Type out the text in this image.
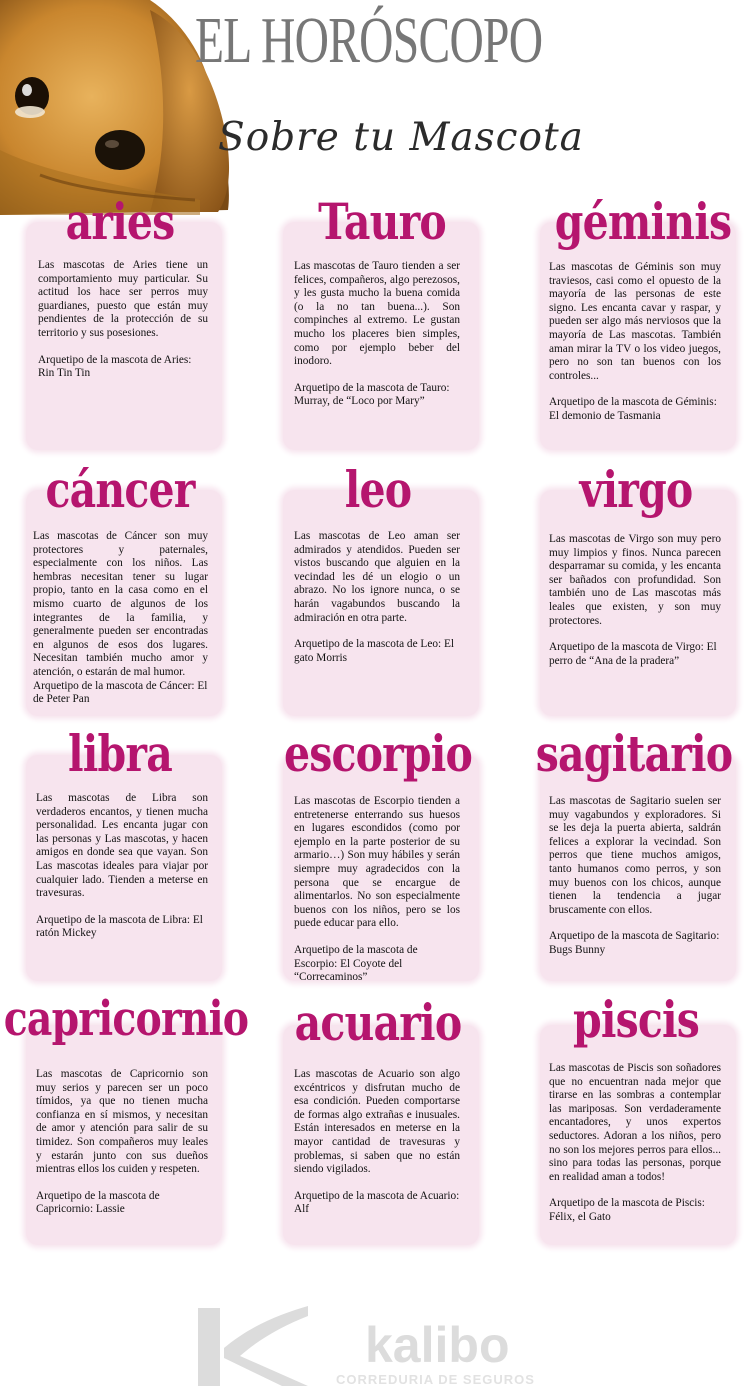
EL HORÓSCOPO
Sobre tu Mascota
aries

Las mascotas de Aries tiene un comportamiento muy particular. Su actitud los hace ser perros muy guardianes, puesto que están muy pendientes de la protección de su territorio y sus posesiones.

Arquetipo de la mascota de Aries: Rin Tin Tin

Tauro

Las mascotas de Tauro tienden a ser felices, compañeros, algo perezosos, y les gusta mucho la buena comida (o la no tan buena...). Son compinches al extremo. Le gustan mucho los placeres bien simples, como por ejemplo beber del inodoro.

Arquetipo de la mascota de Tauro: Murray, de “Loco por Mary”

géminis

Las mascotas de Géminis son muy traviesos, casi como el opuesto de la mayoría de las personas de este signo. Les encanta cavar y raspar, y pueden ser algo más nerviosos que la mayoría de Las mascotas. También aman mirar la TV o los video juegos, pero no son tan buenos con los controles...

Arquetipo de la mascota de Géminis: El demonio de Tasmania

cáncer

Las mascotas de Cáncer son muy protectores y paternales, especialmente con los niños. Las hembras necesitan tener su lugar propio, tanto en la casa como en el mismo cuarto de algunos de los integrantes de la familia, y generalmente pueden ser encontradas en algunos de esos dos lugares. Necesitan también mucho amor y atención, o estarán de mal humor.

Arquetipo de la mascota de Cáncer: El de Peter Pan

leo

Las mascotas de Leo aman ser admirados y atendidos. Pueden ser vistos buscando que alguien en la vecindad les dé un elogio o un abrazo. No los ignore nunca, o se harán vagabundos buscando la admiración en otra parte.

Arquetipo de la mascota de Leo: El gato Morris

virgo

Las mascotas de Virgo son muy pero muy limpios y finos. Nunca parecen desparramar su comida, y les encanta ser bañados con profundidad. Son también uno de Las mascotas más leales que existen, y son muy protectores.

Arquetipo de la mascota de Virgo: El perro de “Ana de la pradera”

libra

Las mascotas de Libra son verdaderos encantos, y tienen mucha personalidad. Les encanta jugar con las personas y Las mascotas, y hacen amigos en donde sea que vayan. Son Las mascotas ideales para viajar por cualquier lado. Tienden a meterse en travesuras.

Arquetipo de la mascota de Libra: El ratón Mickey

escorpio

Las mascotas de Escorpio tienden a entretenerse enterrando sus huesos en lugares escondidos (como por ejemplo en la parte posterior de su armario…) Son muy hábiles y serán siempre muy agradecidos con la persona que se encargue de alimentarlos. No son especialmente buenos con los niños, pero se los puede educar para ello.

Arquetipo de la mascota de Escorpio: El Coyote del “Correcaminos”

sagitario

Las mascotas de Sagitario suelen ser muy vagabundos y exploradores. Si se les deja la puerta abierta, saldrán felices a explorar la vecindad. Son perros que tiene muchos amigos, tanto humanos como perros, y son muy buenos con los chicos, aunque tienen la tendencia a jugar bruscamente con ellos.

Arquetipo de la mascota de Sagitario: Bugs Bunny

capricornio

Las mascotas de Capricornio son muy serios y parecen ser un poco tímidos, ya que no tienen mucha confianza en sí mismos, y necesitan de amor y atención para salir de su timidez. Son compañeros muy leales y estarán junto con sus dueños mientras ellos los cuiden y respeten.

Arquetipo de la mascota de Capricornio: Lassie

acuario

Las mascotas de Acuario son algo excéntricos y disfrutan mucho de esa condición. Pueden comportarse de formas algo extrañas e inusuales. Están interesados en meterse en la mayor cantidad de travesuras y problemas, si saben que no están siendo vigilados.

Arquetipo de la mascota de Acuario: Alf

piscis

Las mascotas de Piscis son soñadores que no encuentran nada mejor que tirarse en las sombras a contemplar las mariposas. Son verdaderamente encantadores, y unos expertos seductores. Adoran a los niños, pero no son los mejores perros para ellos... sino para todas las personas, porque en realidad aman a todos!

Arquetipo de la mascota de Piscis: Félix, el Gato

kalibo
CORREDURIA DE SEGUROS
